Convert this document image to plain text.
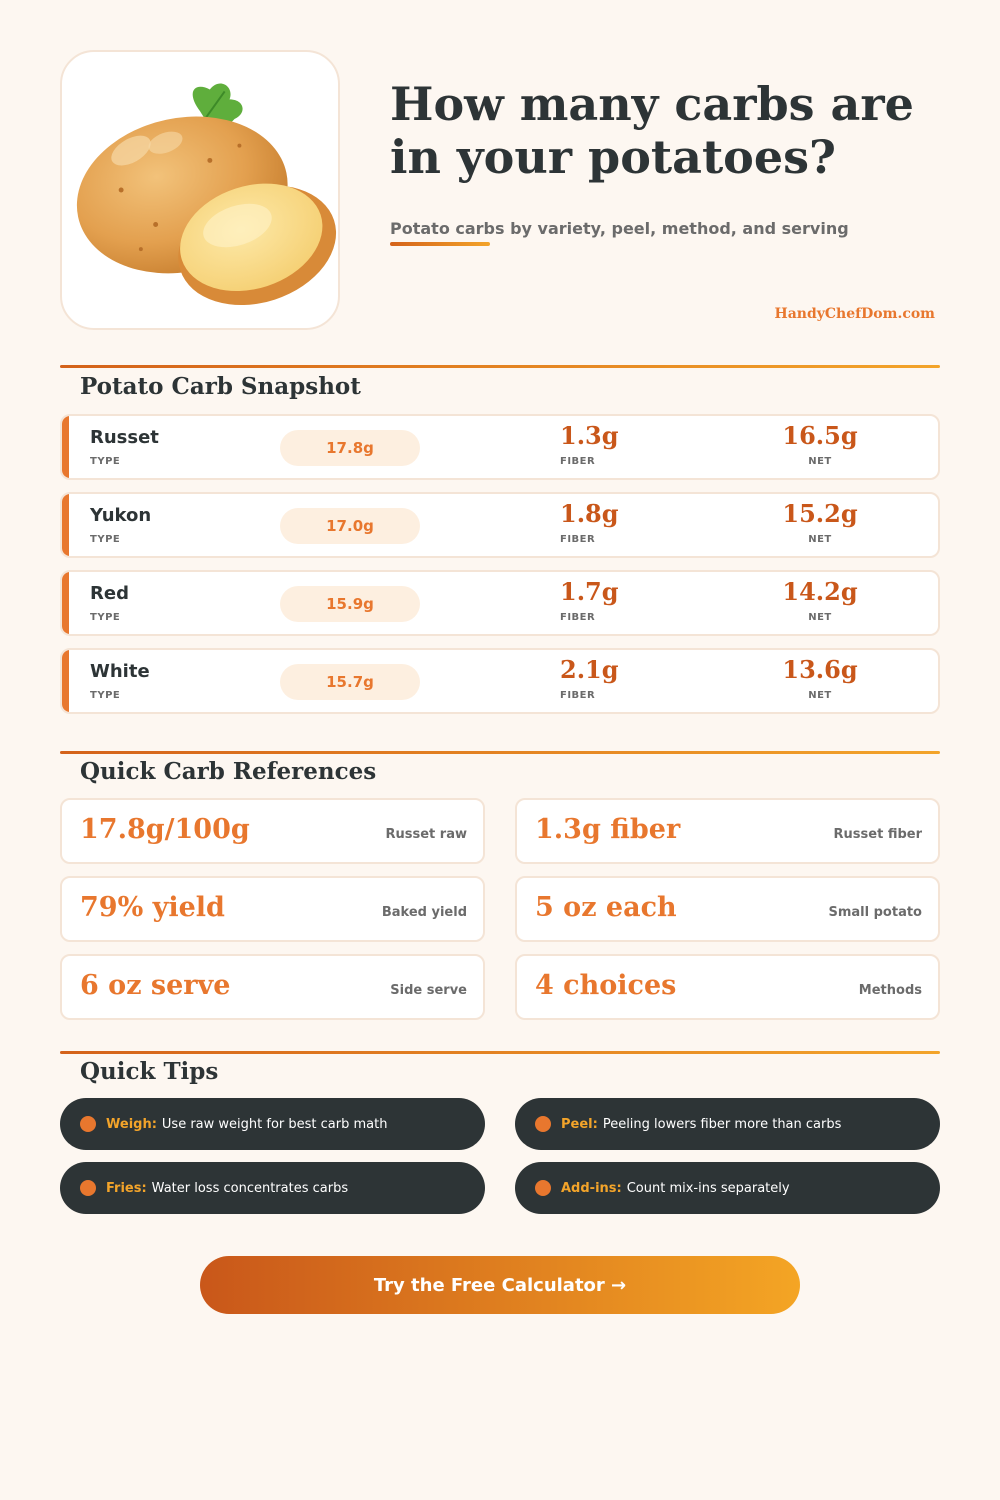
How many carbs are in your potatoes?
Potato carbs by variety, peel, method, and serving
HandyChefDom.com
Potato Carb Snapshot
Russet
TYPE
17.8g	1.3g
FIBER
16.5g
NET
Yukon
TYPE
17.0g	1.8g
FIBER
15.2g
NET
Red
TYPE
15.9g	1.7g
FIBER
14.2g
NET
White
TYPE
15.7g	2.1g
FIBER
13.6g
NET
Quick Carb References
17.8g/100g	Russet raw	1.3g fiber	Russet fiber
79% yield	Baked yield	5 oz each	Small potato
6 oz serve	Side serve	4 choices	Methods
Quick Tips
Weigh: Use raw weight for best carb math	Peel: Peeling lowers fiber more than carbs
Fries: Water loss concentrates carbs	Add-ins: Count mix-ins separately
Try the Free Calculator →
